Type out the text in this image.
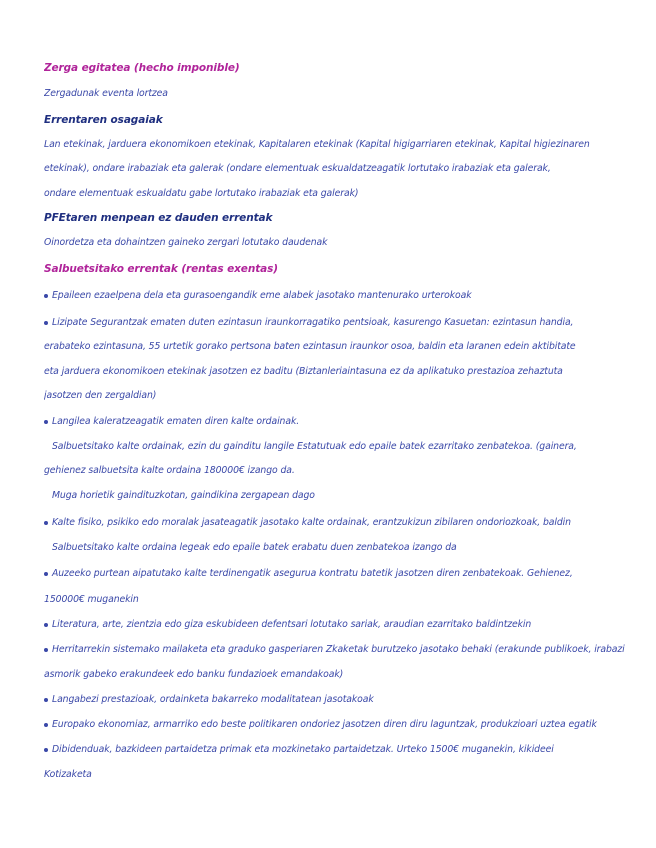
Zerga egitatea (hecho imponible)
Zergadunak eventa lortzea
Errentaren osagaiak
Lan etekinak, jarduera ekonomikoen etekinak, Kapitalaren etekinak (Kapital higigarriaren etekinak, Kapital higiezinaren
etekinak), ondare irabaziak eta galerak (ondare elementuak eskualdatzeagatik lortutako irabaziak eta galerak,
ondare elementuak eskualdatu gabe lortutako irabaziak eta galerak)
PFEtaren menpean ez dauden errentak
Oinordetza eta dohaintzen gaineko zergari lotutako daudenak
Salbuetsitako errentak (rentas exentas)
Epaileen ezaelpena dela eta gurasoengandik eme alabek jasotako mantenurako urterokoak
Lizipate Segurantzak ematen duten ezintasun iraunkorragatiko pentsioak, kasurengo Kasuetan: ezintasun handia,
erabateko ezintasuna, 55 urtetik gorako pertsona baten ezintasun iraunkor osoa, baldin eta laranen edein aktibitate
eta jarduera ekonomikoen etekinak jasotzen ez baditu (Biztanleriaintasuna ez da aplikatuko prestazioa zehaztuta
jasotzen den zergaldian)
Langilea kaleratzeagatik ematen diren kalte ordainak.
Salbuetsitako kalte ordainak, ezin du gainditu langile Estatutuak edo epaile batek ezarritako zenbatekoa. (gainera,
gehienez salbuetsita kalte ordaina 180000€ izango da.
Muga horietik gaindituzkotan, gaindikina zergapean dago
Kalte fisiko, psikiko edo moralak jasateagatik jasotako kalte ordainak, erantzukizun zibilaren ondoriozkoak, baldin
Salbuetsitako kalte ordaina legeak edo epaile batek erabatu duen zenbatekoa izango da
Auzeeko purtean aipatutako kalte terdinengatik asegurua kontratu batetik jasotzen diren zenbatekoak. Gehienez,
150000€ muganekin
Literatura, arte, zientzia edo giza eskubideen defentsari lotutako sariak, araudian ezarritako baldintzekin
Herritarrekin sistemako mailaketa eta graduko gasperiaren Zkaketak burutzeko jasotako behaki (erakunde publikoek, irabazi
asmorik gabeko erakundeek edo banku fundazioek emandakoak)
Langabezi prestazioak, ordainketa bakarreko modalitatean jasotakoak
Europako ekonomiaz, armarriko edo beste politikaren ondoriez jasotzen diren diru laguntzak, produkzioari uztea egatik
Dibidenduak, bazkideen partaidetza primak eta mozkinetako partaidetzak. Urteko 1500€ muganekin, kikideei
Kotizaketa
